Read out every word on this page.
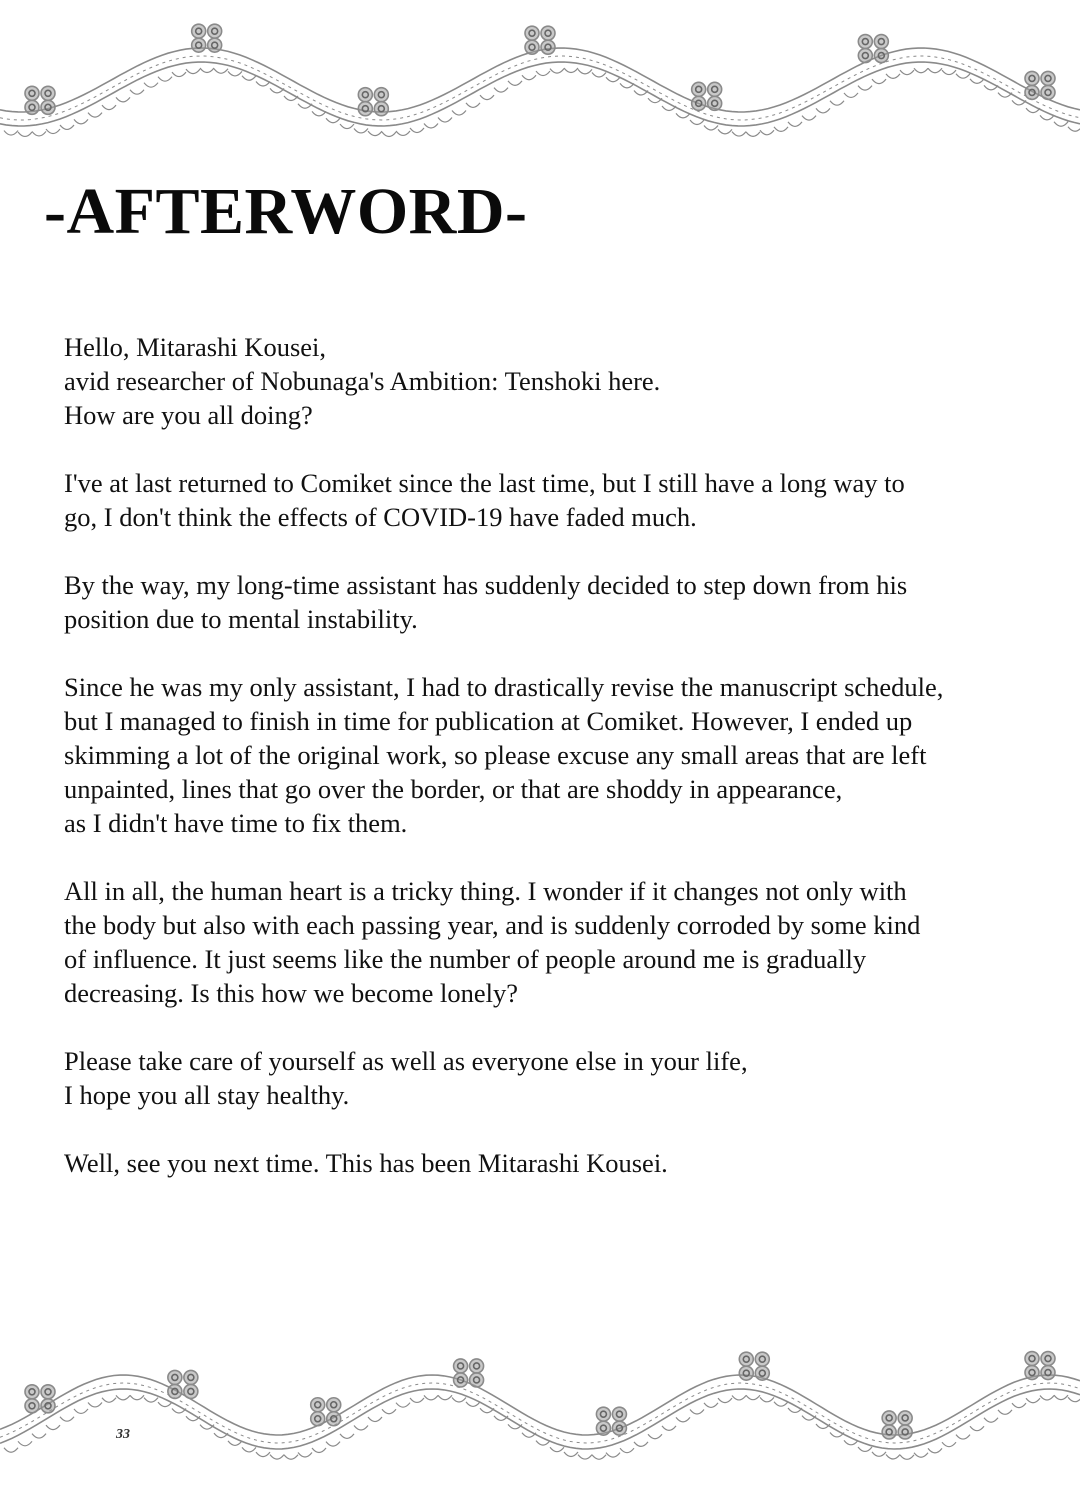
-AFTERWORD-

Hello, Mitarashi Kousei,
avid researcher of Nobunaga's Ambition: Tenshoki here.
How are you all doing?

I've at last returned to Comiket since the last time, but I still have a long way to
go, I don't think the effects of COVID-19 have faded much.

By the way, my long-time assistant has suddenly decided to step down from his
position due to mental instability.

Since he was my only assistant, I had to drastically revise the manuscript schedule,
but I managed to finish in time for publication at Comiket. However, I ended up
skimming a lot of the original work, so please excuse any small areas that are left
unpainted, lines that go over the border, or that are shoddy in appearance,
as I didn't have time to fix them.

All in all, the human heart is a tricky thing. I wonder if it changes not only with
the body but also with each passing year, and is suddenly corroded by some kind
of influence. It just seems like the number of people around me is gradually
decreasing. Is this how we become lonely?

Please take care of yourself as well as everyone else in your life,
I hope you all stay healthy.

Well, see you next time. This has been Mitarashi Kousei.

33
